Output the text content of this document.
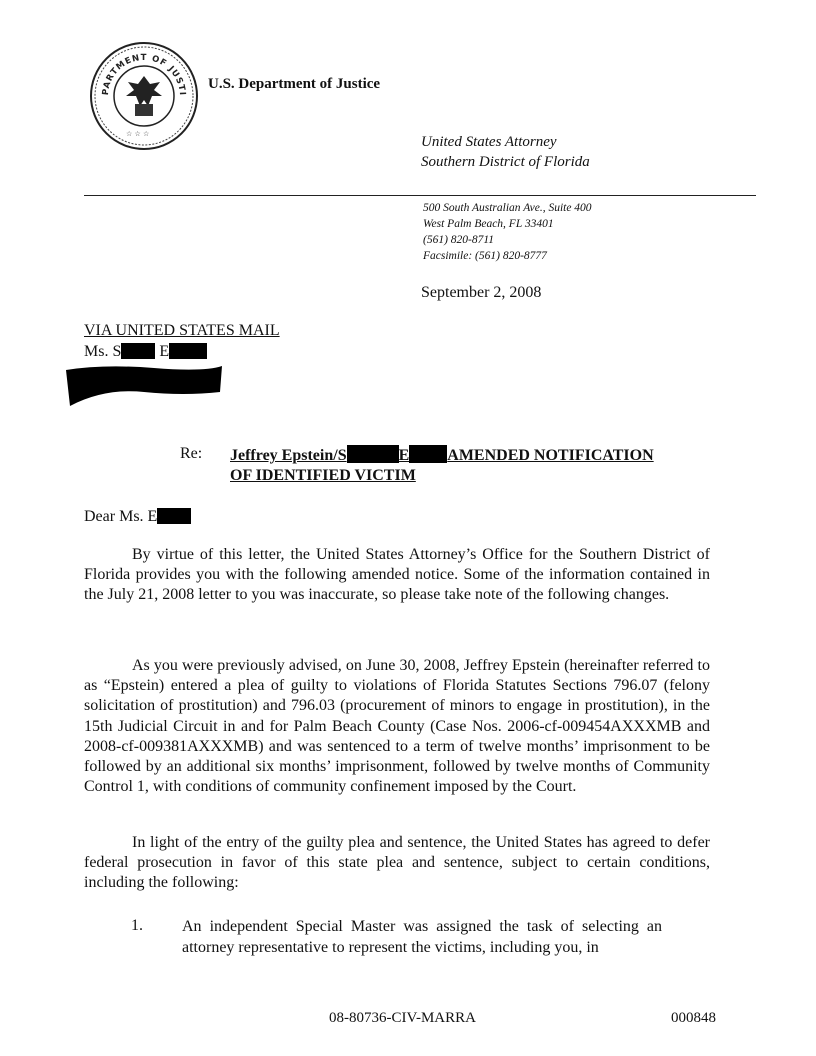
PARTMENT OF JUSTI
☆ ☆ ☆
U.S. Department of Justice
United States Attorney
Southern District of Florida
500 South Australian Ave., Suite 400
West Palm Beach, FL 33401
(561) 820-8711
Facsimile: (561) 820-8777
September 2, 2008
VIA UNITED STATES MAIL
Ms. S E
Re: Jeffrey Epstein/S	E AMENDED NOTIFICATION
OF IDENTIFIED VICTIM
Dear Ms. E
By virtue of this letter, the United States Attorney’s Office for the Southern District of Florida provides you with the following amended notice. Some of the information contained in the July 21, 2008 letter to you was inaccurate, so please take note of the following changes.
As you were previously advised, on June 30, 2008, Jeffrey Epstein (hereinafter referred to as “Epstein) entered a plea of guilty to violations of Florida Statutes Sections 796.07 (felony solicitation of prostitution) and 796.03 (procurement of minors to engage in prostitution), in the 15th Judicial Circuit in and for Palm Beach County (Case Nos. 2006-cf-009454AXXXMB and 2008-cf-009381AXXXMB) and was sentenced to a term of twelve months’ imprisonment to be followed by an additional six months’ imprisonment, followed by twelve months of Community Control 1, with conditions of community confinement imposed by the Court.
In light of the entry of the guilty plea and sentence, the United States has agreed to defer federal prosecution in favor of this state plea and sentence, subject to certain conditions, including the following:
1. An independent Special Master was assigned the task of selecting an attorney representative to represent the victims, including you, in
08-80736-CIV-MARRA	000848
